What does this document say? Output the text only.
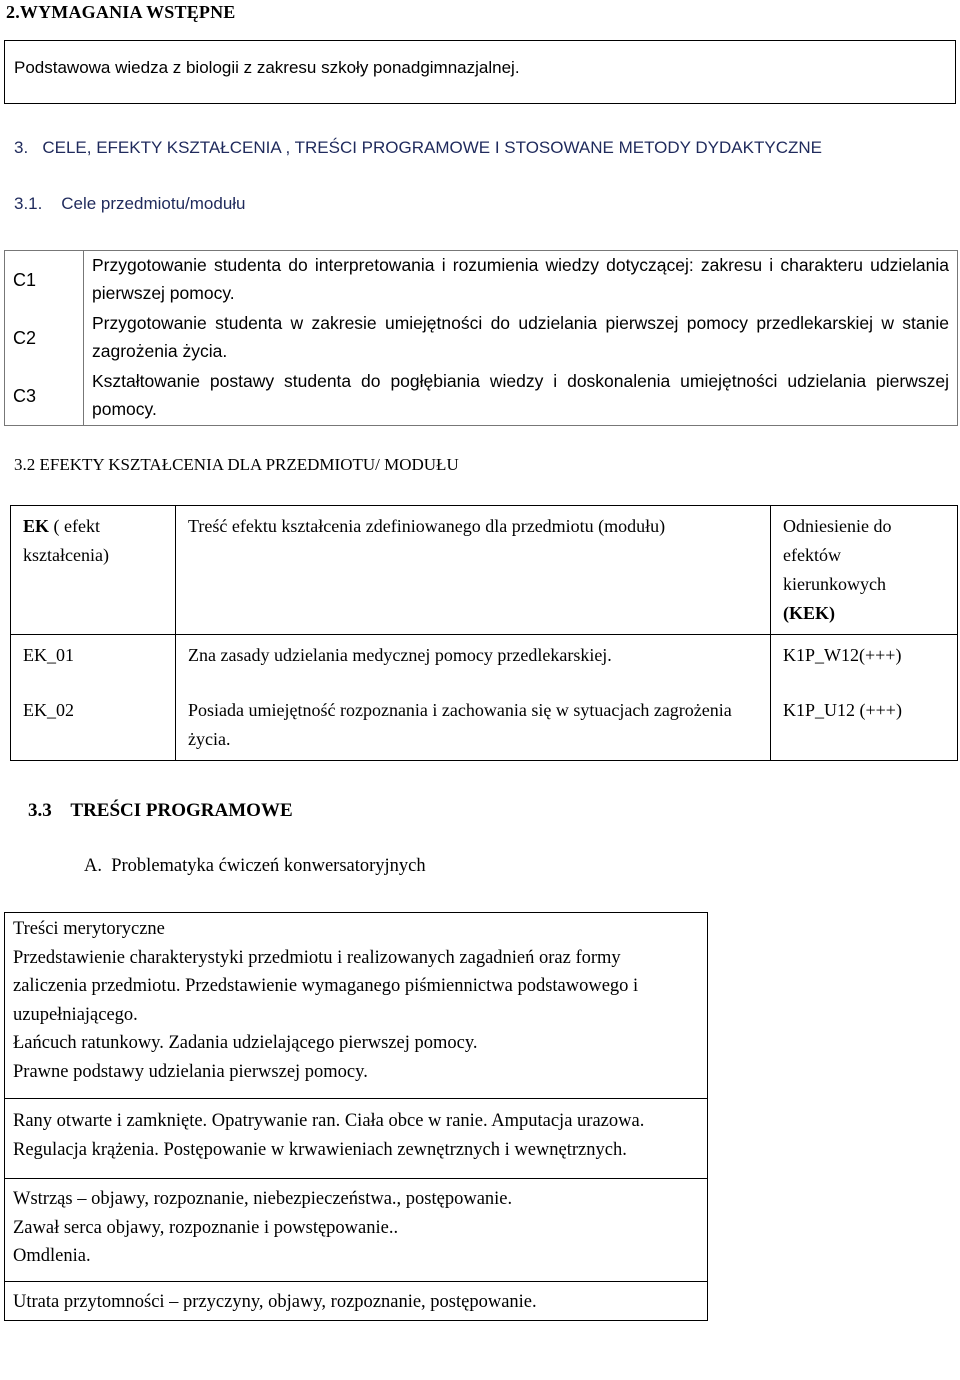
2.WYMAGANIA WSTĘPNE
Podstawowa wiedza z biologii z zakresu szkoły ponadgimnazjalnej.
3.   CELE, EFEKTY KSZTAŁCENIA , TREŚCI PROGRAMOWE I STOSOWANE METODY DYDAKTYCZNE
3.1.    Cele przedmiotu/modułu
C1	Przygotowanie studenta do interpretowania i rozumienia wiedzy dotyczącej: zakresu i charakteru udzielania pierwszej pomocy.

C2	Przygotowanie studenta w zakresie umiejętności do udzielania pierwszej pomocy przedlekarskiej w stanie zagrożenia życia.

C3	Kształtowanie postawy studenta do pogłębiania wiedzy i doskonalenia umiejętności udzielania pierwszej pomocy.
3.2 EFEKTY KSZTAŁCENIA DLA PRZEDMIOTU/ MODUŁU
EK ( efekt kształcenia)	Treść efektu kształcenia zdefiniowanego dla przedmiotu (modułu)	Odniesienie do efektów kierunkowych
(KEK)
EK_01	Zna zasady udzielania medycznej pomocy przedlekarskiej.	K1P_W12(+++)
EK_02	Posiada umiejętność rozpoznania i zachowania się w sytuacjach zagrożenia życia.	K1P_U12 (+++)
3.3    TREŚCI PROGRAMOWE
A.  Problematyka ćwiczeń konwersatoryjnych
Treści merytoryczne
Przedstawienie charakterystyki przedmiotu i realizowanych zagadnień oraz formy zaliczenia przedmiotu. Przedstawienie wymaganego piśmiennictwa podstawowego i uzupełniającego.
Łańcuch ratunkowy. Zadania udzielającego pierwszej pomocy.
Prawne podstawy udzielania pierwszej pomocy.

Rany otwarte i zamknięte. Opatrywanie ran. Ciała obce w ranie. Amputacja urazowa.
Regulacja krążenia. Postępowanie w krwawieniach zewnętrznych i wewnętrznych.

Wstrząs – objawy, rozpoznanie, niebezpieczeństwa., postępowanie.
Zawał serca objawy, rozpoznanie i powstępowanie..
Omdlenia.

Utrata przytomności – przyczyny, objawy, rozpoznanie, postępowanie.
